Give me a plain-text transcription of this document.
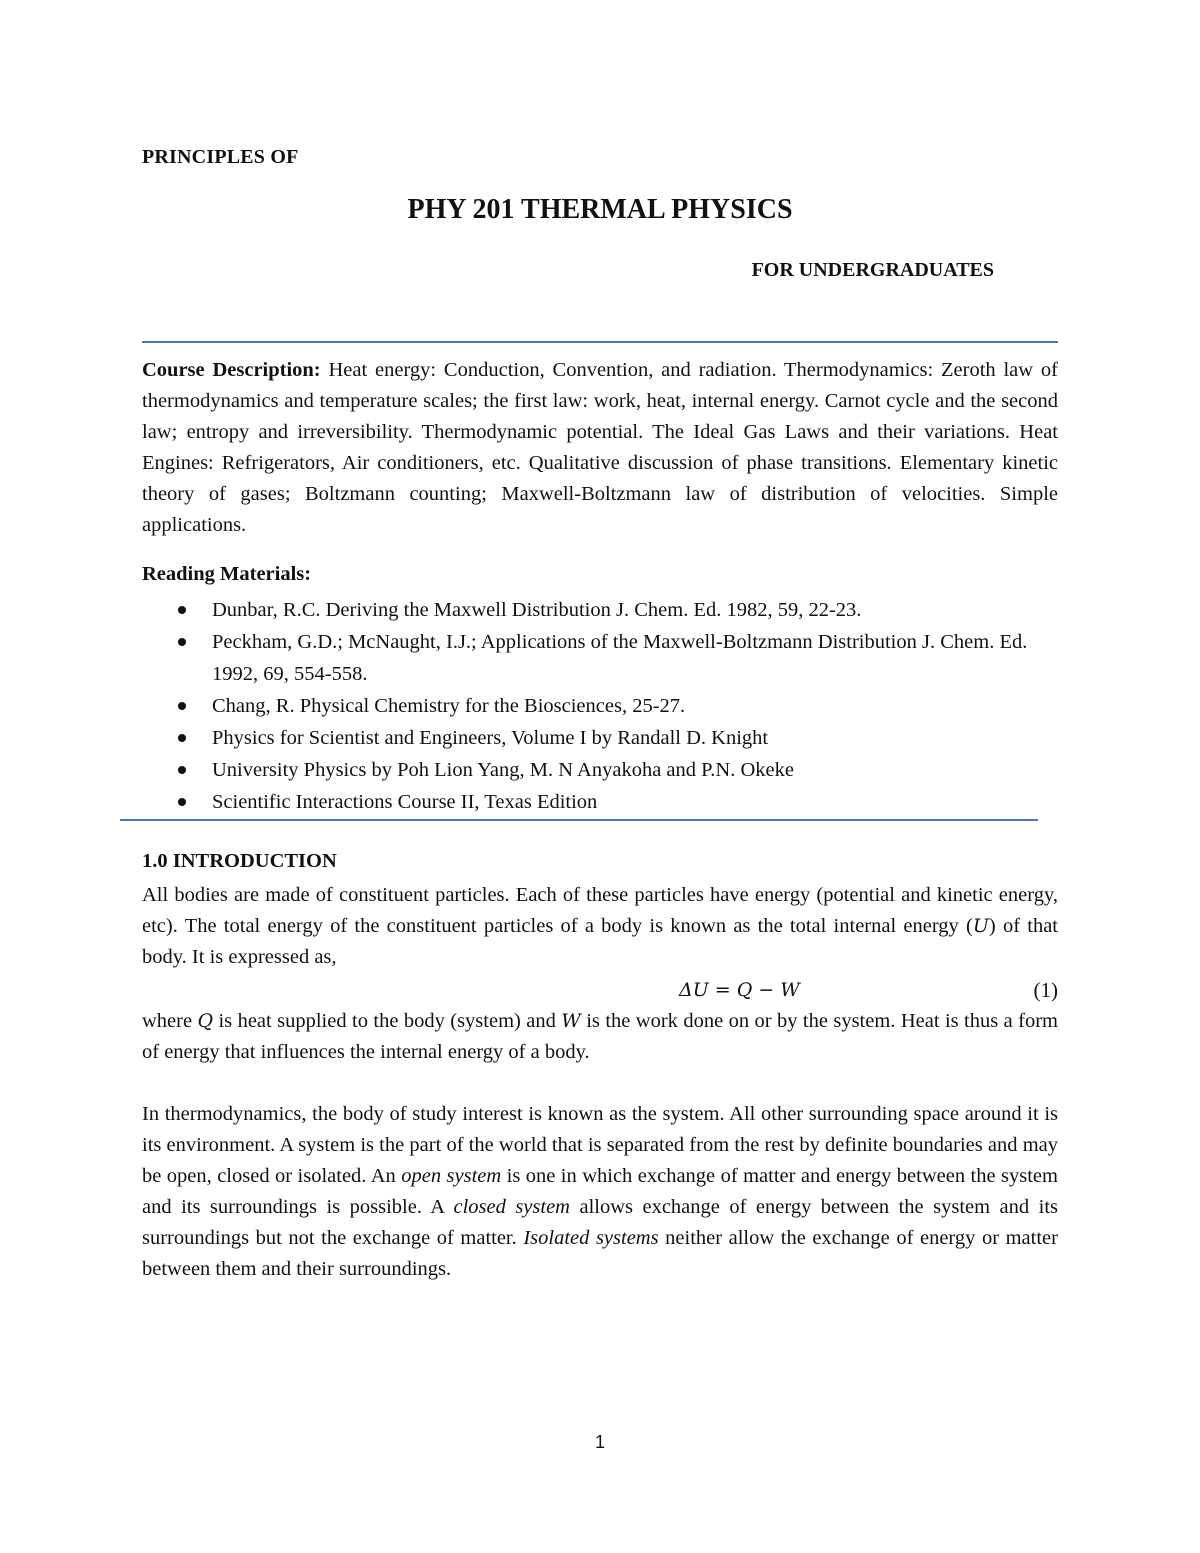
PRINCIPLES OF
PHY 201 THERMAL PHYSICS
FOR UNDERGRADUATES

Course Description: Heat energy: Conduction, Convention, and radiation. Thermodynamics: Zeroth law of thermodynamics and temperature scales; the first law: work, heat, internal energy. Carnot cycle and the second law; entropy and irreversibility. Thermodynamic potential. The Ideal Gas Laws and their variations. Heat Engines: Refrigerators, Air conditioners, etc. Qualitative discussion of phase transitions. Elementary kinetic theory of gases; Boltzmann counting; Maxwell-Boltzmann law of distribution of velocities. Simple applications.

Reading Materials:
Dunbar, R.C. Deriving the Maxwell Distribution J. Chem. Ed. 1982, 59, 22-23.
Peckham, G.D.; McNaught, I.J.; Applications of the Maxwell-Boltzmann Distribution J. Chem. Ed. 1992, 69, 554-558.
Chang, R. Physical Chemistry for the Biosciences, 25-27.
Physics for Scientist and Engineers, Volume I by Randall D. Knight
University Physics by Poh Lion Yang, M. N Anyakoha and P.N. Okeke
Scientific Interactions Course II, Texas Edition
1.0 INTRODUCTION

All bodies are made of constituent particles. Each of these particles have energy (potential and kinetic energy, etc). The total energy of the constituent particles of a body is known as the total internal energy (U) of that body. It is expressed as,

ΔU = Q − W	(1)

where Q is heat supplied to the body (system) and W is the work done on or by the system. Heat is thus a form of energy that influences the internal energy of a body.

In thermodynamics, the body of study interest is known as the system. All other surrounding space around it is its environment. A system is the part of the world that is separated from the rest by definite boundaries and may be open, closed or isolated. An open system is one in which exchange of matter and energy between the system and its surroundings is possible. A closed system allows exchange of energy between the system and its surroundings but not the exchange of matter. Isolated systems neither allow the exchange of energy or matter between them and their surroundings.

1
